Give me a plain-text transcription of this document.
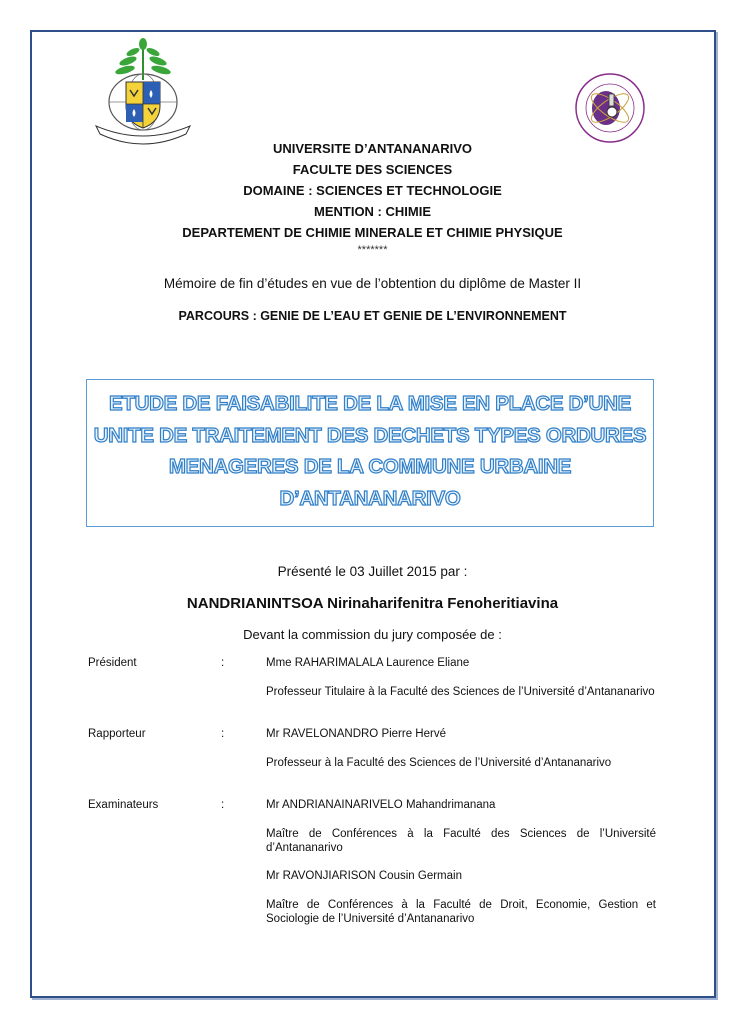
UNIVERSITE D’ANTANANARIVO
FACULTE DES SCIENCES
DOMAINE : SCIENCES ET TECHNOLOGIE
MENTION : CHIMIE
DEPARTEMENT DE CHIMIE MINERALE ET CHIMIE PHYSIQUE
*******
Mémoire de fin d’études en vue de l’obtention du diplôme de Master II
PARCOURS : GENIE DE L’EAU ET GENIE DE L’ENVIRONNEMENT
ETUDE DE FAISABILITE DE LA MISE EN PLACE D’UNE
UNITE DE TRAITEMENT DES DECHETS TYPES ORDURES
MENAGERES DE LA COMMUNE URBAINE
D’ANTANANARIVO
Présenté le 03 Juillet 2015 par :
NANDRIANINTSOA Nirinaharifenitra Fenoheritiavina
Devant la commission du jury composée de :
Président	:	Mme RAHARIMALALA Laurence Eliane
Professeur Titulaire à la Faculté des Sciences de l’Université d’Antananarivo
Rapporteur	:	Mr RAVELONANDRO Pierre Hervé
Professeur à la Faculté des Sciences de l’Université d’Antananarivo
Examinateurs	:	Mr ANDRIANAINARIVELO Mahandrimanana
Maître de Conférences à la Faculté des Sciences de l’Université d’Antananarivo
Mr RAVONJIARISON Cousin Germain
Maître de Conférences à la Faculté de Droit, Economie, Gestion et Sociologie de l’Université d’Antananarivo
